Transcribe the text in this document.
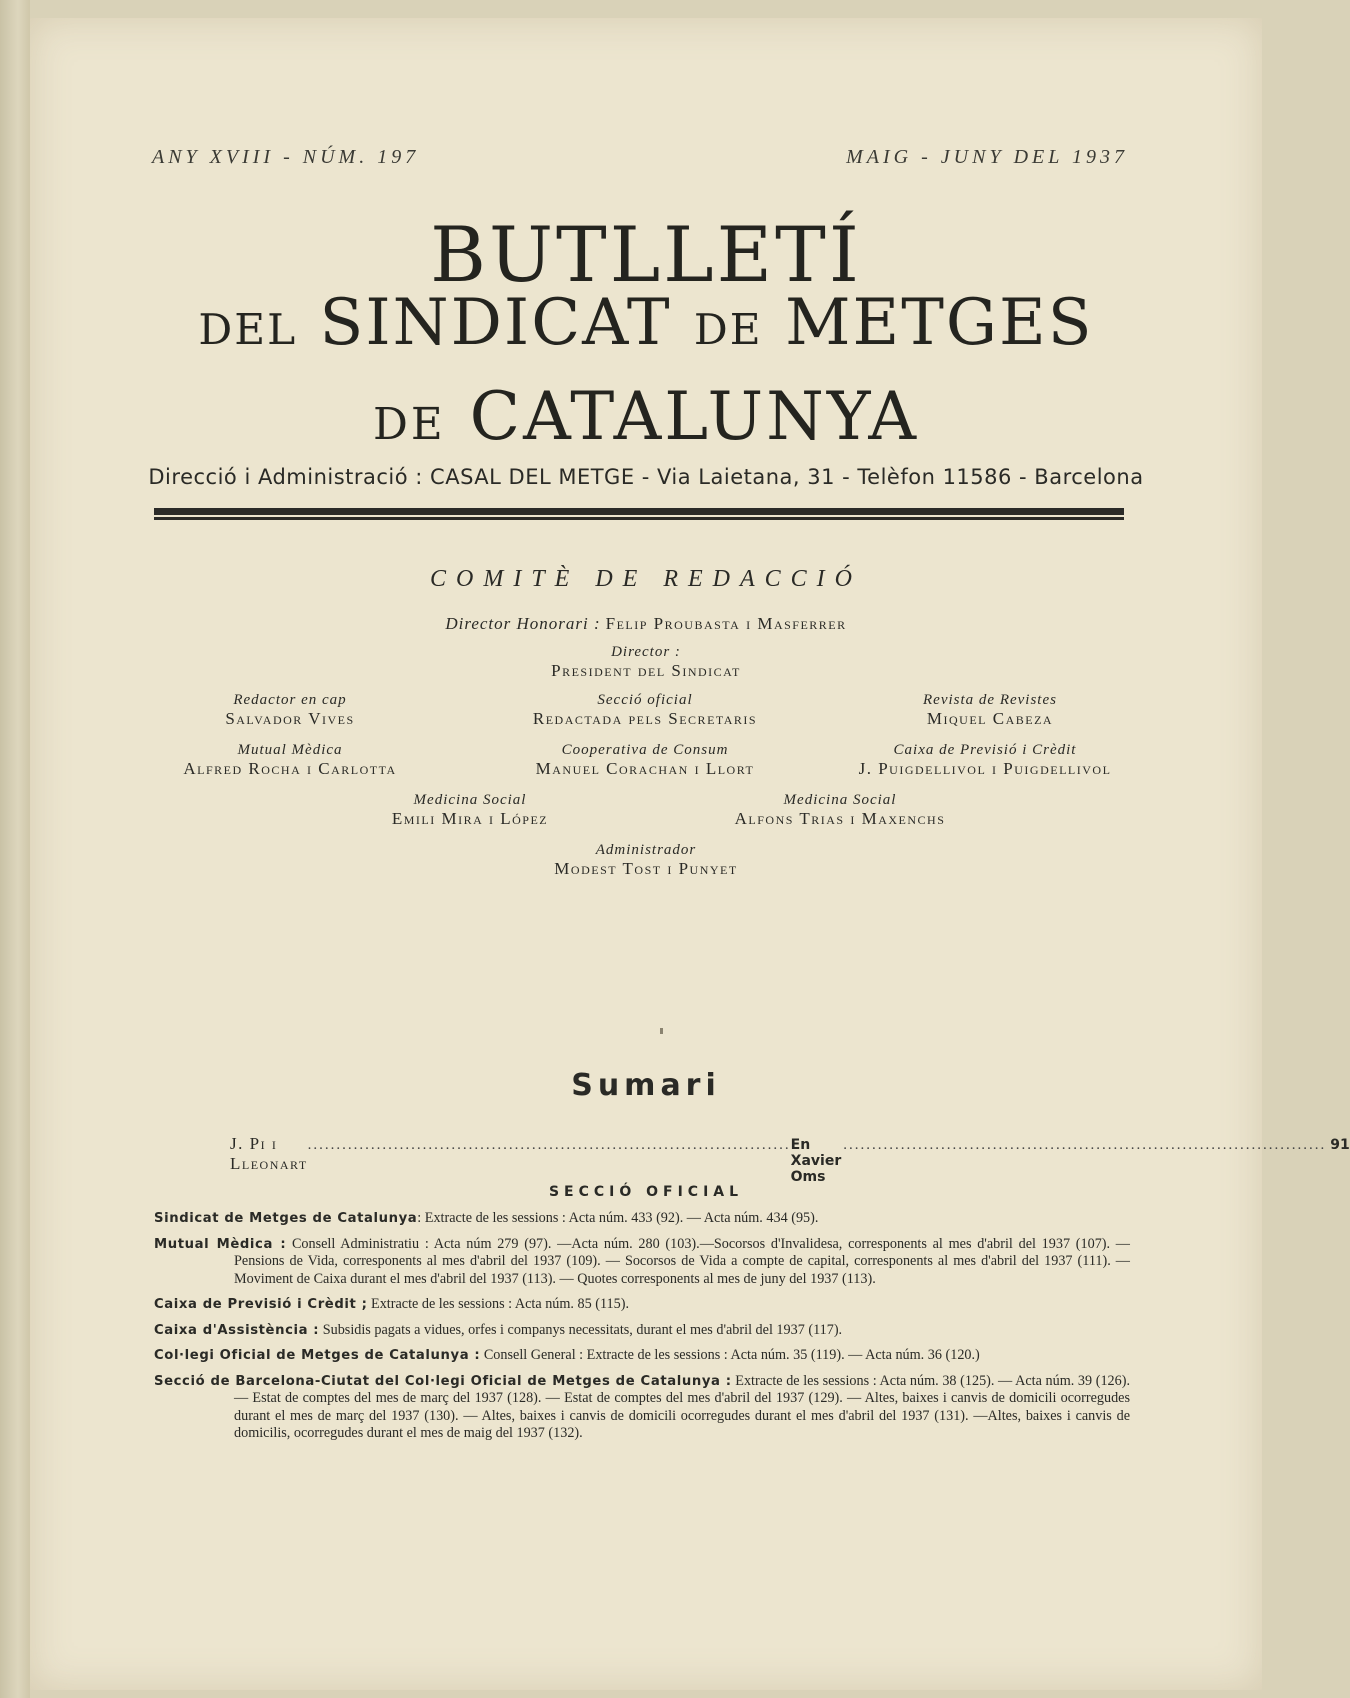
ANY XVIII - NÚM. 197	MAIG - JUNY DEL 1937
BUTLLETÍ
DEL SINDICAT DE METGES
DE CATALUNYA
Direcció i Administració : CASAL DEL METGE - Via Laietana, 31 - Telèfon 11586 - Barcelona
COMITÈ DE REDACCIÓ
Director Honorari : Felip Proubasta i Masferrer
Director :
President del Sindicat
Redactor en cap
Salvador Vives
Secció oficial
Redactada pels Secretaris
Revista de Revistes
Miquel Cabeza
Mutual Mèdica
Alfred Rocha i Carlotta
Cooperativa de Consum
Manuel Corachan i Llort
Caixa de Previsió i Crèdit
J. Puigdellivol i Puigdellivol
Medicina Social
Emili Mira i López
Medicina Social
Alfons Trias i Maxenchs
Administrador
Modest Tost i Punyet
Sumari
J. Pi i Lleonart
.................................................................................... En Xavier Oms
.................................................................................... 91
SECCIÓ OFICIAL
Sindicat de Metges de Catalunya: Extracte de les sessions : Acta núm. 433 (92). — Acta núm. 434 (95).
Mutual Mèdica : Consell Administratiu : Acta núm 279 (97). —Acta núm. 280 (103).—Socorsos d'Invalidesa, corresponents al mes d'abril del 1937 (107). — Pensions de Vida, corresponents al mes d'abril del 1937 (109). — Socorsos de Vida a compte de capital, corresponents al mes d'abril del 1937 (111). — Moviment de Caixa durant el mes d'abril del 1937 (113). — Quotes corresponents al mes de juny del 1937 (113).
Caixa de Previsió i Crèdit ; Extracte de les sessions : Acta núm. 85 (115).
Caixa d'Assistència : Subsidis pagats a vidues, orfes i companys necessitats, durant el mes d'abril del 1937 (117).
Col·legi Oficial de Metges de Catalunya : Consell General : Extracte de les sessions : Acta núm. 35 (119). — Acta núm. 36 (120.)
Secció de Barcelona-Ciutat del Col·legi Oficial de Metges de Catalunya : Extracte de les sessions : Acta núm. 38 (125). — Acta núm. 39 (126). — Estat de comptes del mes de març del 1937 (128). — Estat de comptes del mes d'abril del 1937 (129). — Altes, baixes i canvis de domicili ocorregudes durant el mes de març del 1937 (130). — Altes, baixes i canvis de domicili ocorregudes durant el mes d'abril del 1937 (131). —Altes, baixes i canvis de domicilis, ocorregudes durant el mes de maig del 1937 (132).
